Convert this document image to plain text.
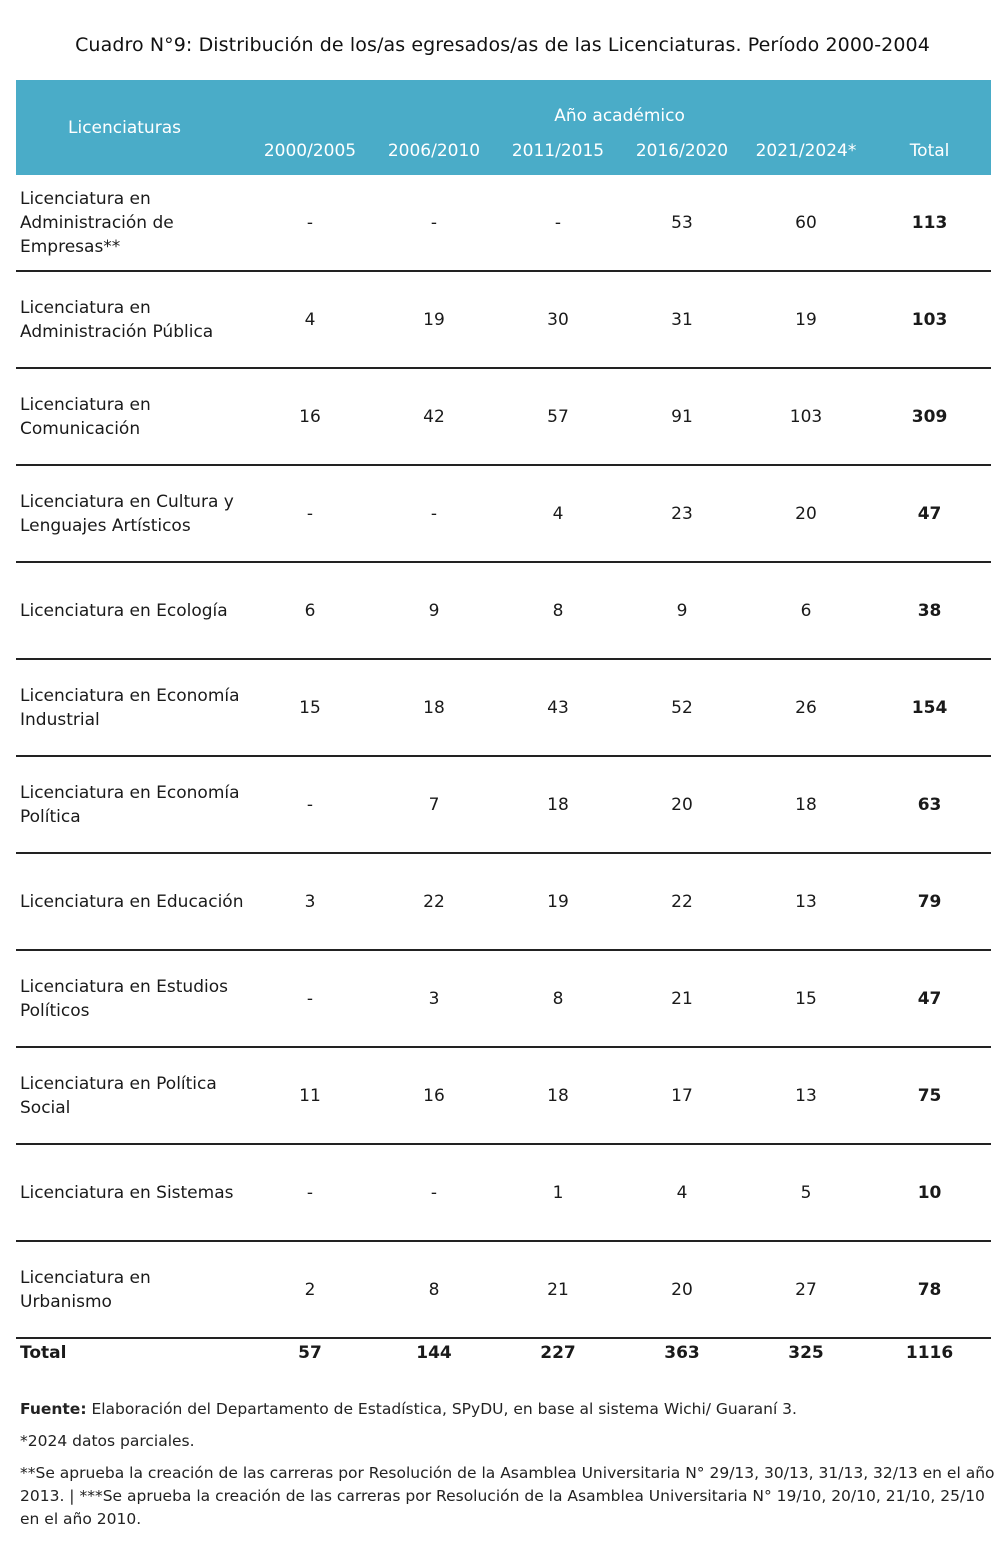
Cuadro N°9: Distribución de los/as egresados/as de las Licenciaturas. Período 2000-2004
Licenciaturas	Año académico					
	2000/2005	2006/2010	2011/2015	2016/2020	2021/2024*	Total
Licenciatura en Administración de Empresas**	-	-	-	53	60	113
Licenciatura en Administración Pública	4	19	30	31	19	103
Licenciatura en Comunicación	16	42	57	91	103	309
Licenciatura en Cultura y Lenguajes Artísticos	-	-	4	23	20	47
Licenciatura en Ecología	6	9	8	9	6	38
Licenciatura en Economía Industrial	15	18	43	52	26	154
Licenciatura en Economía Política	-	7	18	20	18	63
Licenciatura en Educación	3	22	19	22	13	79
Licenciatura en Estudios Políticos	-	3	8	21	15	47
Licenciatura en Política Social	11	16	18	17	13	75
Licenciatura en Sistemas	-	-	1	4	5	10
Licenciatura en Urbanismo	2	8	21	20	27	78
Total	57	144	227	363	325	1116

Fuente: Elaboración del Departamento de Estadística, SPyDU, en base al sistema Wichi/ Guaraní 3.

*2024 datos parciales.

**Se aprueba la creación de las carreras por Resolución de la Asamblea Universitaria N° 29/13, 30/13, 31/13, 32/13 en el año 2013. | ***Se aprueba la creación de las carreras por Resolución de la Asamblea Universitaria N° 19/10, 20/10, 21/10, 25/10 en el año 2010.
